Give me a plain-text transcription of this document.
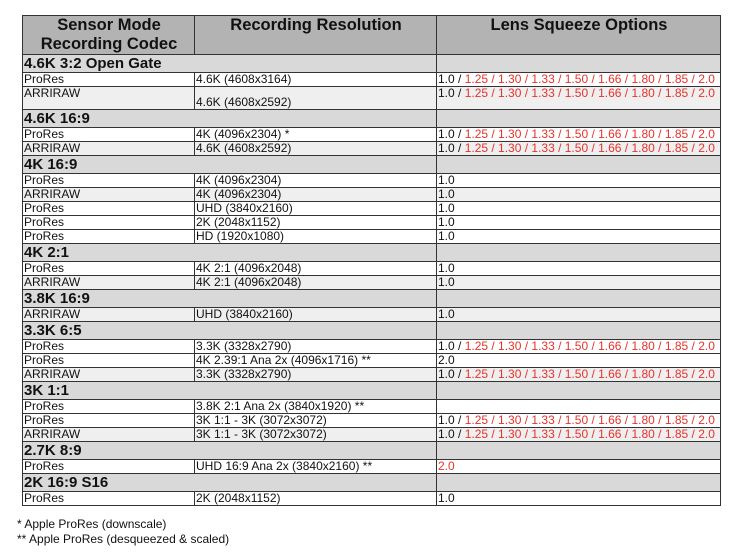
Sensor Mode
Recording Codec	Recording Resolution	Lens Squeeze Options
4.6K 3:2 Open Gate		
ProRes	4.6K (4608x3164)	1.0 / 1.25 / 1.30 / 1.33 / 1.50 / 1.66 / 1.80 / 1.85 / 2.0
ARRIRAW	4.6K (4608x2592)	1.0 / 1.25 / 1.30 / 1.33 / 1.50 / 1.66 / 1.80 / 1.85 / 2.0
4.6K 16:9		
ProRes	4K (4096x2304) *	1.0 / 1.25 / 1.30 / 1.33 / 1.50 / 1.66 / 1.80 / 1.85 / 2.0
ARRIRAW	4.6K (4608x2592)	1.0 / 1.25 / 1.30 / 1.33 / 1.50 / 1.66 / 1.80 / 1.85 / 2.0
4K 16:9		
ProRes	4K (4096x2304)	1.0
ARRIRAW	4K (4096x2304)	1.0
ProRes	UHD (3840x2160)	1.0
ProRes	2K (2048x1152)	1.0
ProRes	HD (1920x1080)	1.0
4K 2:1		
ProRes	4K 2:1 (4096x2048)	1.0
ARRIRAW	4K 2:1 (4096x2048)	1.0
3.8K 16:9		
ARRIRAW	UHD (3840x2160)	1.0
3.3K 6:5		
ProRes	3.3K (3328x2790)	1.0 / 1.25 / 1.30 / 1.33 / 1.50 / 1.66 / 1.80 / 1.85 / 2.0
ProRes	4K 2.39:1 Ana 2x (4096x1716) **	2.0
ARRIRAW	3.3K (3328x2790)	1.0 / 1.25 / 1.30 / 1.33 / 1.50 / 1.66 / 1.80 / 1.85 / 2.0
3K 1:1		
ProRes	3.8K 2:1 Ana 2x (3840x1920) **	
ProRes	3K 1:1 - 3K (3072x3072)	1.0 / 1.25 / 1.30 / 1.33 / 1.50 / 1.66 / 1.80 / 1.85 / 2.0
ARRIRAW	3K 1:1 - 3K (3072x3072)	1.0 / 1.25 / 1.30 / 1.33 / 1.50 / 1.66 / 1.80 / 1.85 / 2.0
2.7K 8:9		
ProRes	UHD 16:9 Ana 2x (3840x2160) **	2.0
2K 16:9 S16		
ProRes	2K (2048x1152)	1.0
* Apple ProRes (downscale)
** Apple ProRes (desqueezed & scaled)
